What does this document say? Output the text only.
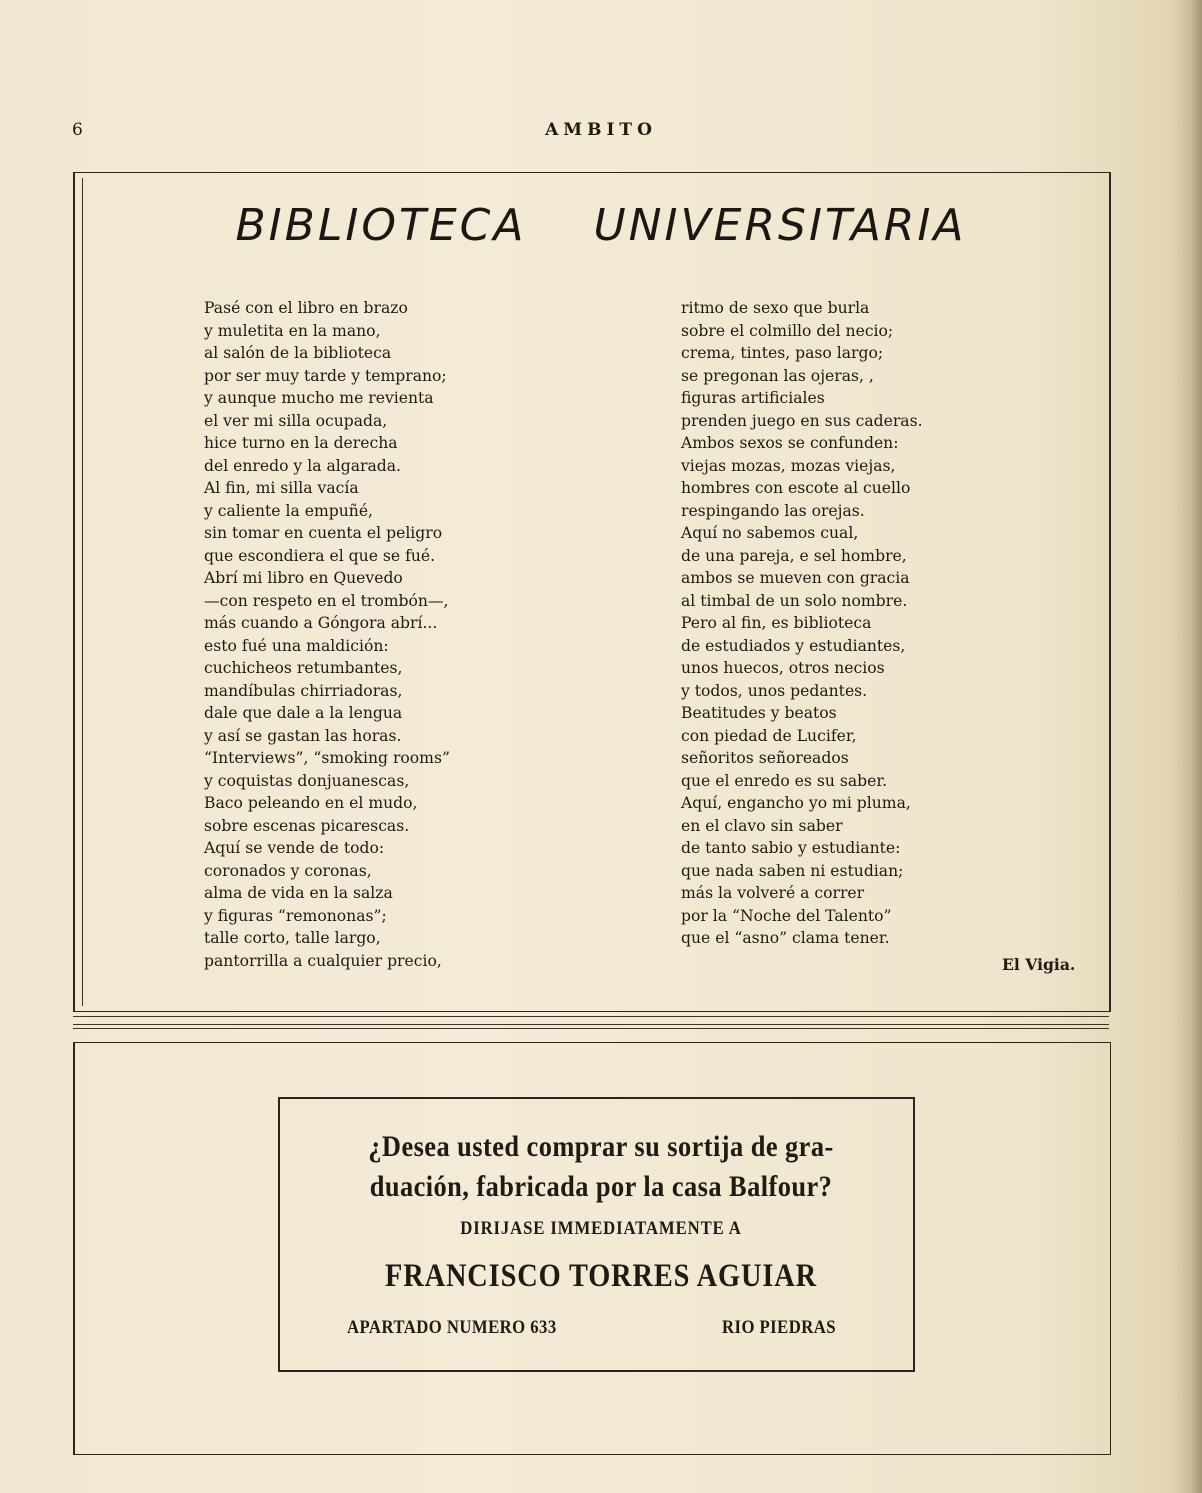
6	AMBITO
BIBLIOTECA UNIVERSITARIA
Pasé con el libro en brazo
y muletita en la mano,
al salón de la biblioteca
por ser muy tarde y temprano;
y aunque mucho me revienta
el ver mi silla ocupada,
hice turno en la derecha
del enredo y la algarada.
Al fin, mi silla vacía
y caliente la empuñé,
sin tomar en cuenta el peligro
que escondiera el que se fué.
Abrí mi libro en Quevedo
—con respeto en el trombón—,
más cuando a Góngora abrí...
esto fué una maldición:
cuchicheos retumbantes,
mandíbulas chirriadoras,
dale que dale a la lengua
y así se gastan las horas.
“Interviews”, “smoking rooms”
y coquistas donjuanescas,
Baco peleando en el mudo,
sobre escenas picarescas.
Aquí se vende de todo:
coronados y coronas,
alma de vida en la salza
y figuras “remononas”;
talle corto, talle largo,
pantorrilla a cualquier precio,
ritmo de sexo que burla
sobre el colmillo del necio;
crema, tintes, paso largo;
se pregonan las ojeras, ,
figuras artificiales
prenden juego en sus caderas.
Ambos sexos se confunden:
viejas mozas, mozas viejas,
hombres con escote al cuello
respingando las orejas.
Aquí no sabemos cual,
de una pareja, e sel hombre,
ambos se mueven con gracia
al timbal de un solo nombre.
Pero al fin, es biblioteca
de estudiados y estudiantes,
unos huecos, otros necios
y todos, unos pedantes.
Beatitudes y beatos
con piedad de Lucifer,
señoritos señoreados
que el enredo es su saber.
Aquí, engancho yo mi pluma,
en el clavo sin saber
de tanto sabio y estudiante:
que nada saben ni estudian;
más la volveré a correr
por la “Noche del Talento”
que el “asno” clama tener.
El Vigia.
¿Desea usted comprar su sortija de gra-
duación, fabricada por la casa Balfour?
DIRIJASE IMMEDIATAMENTE A
FRANCISCO TORRES AGUIAR
APARTADO NUMERO 633	RIO PIEDRAS
